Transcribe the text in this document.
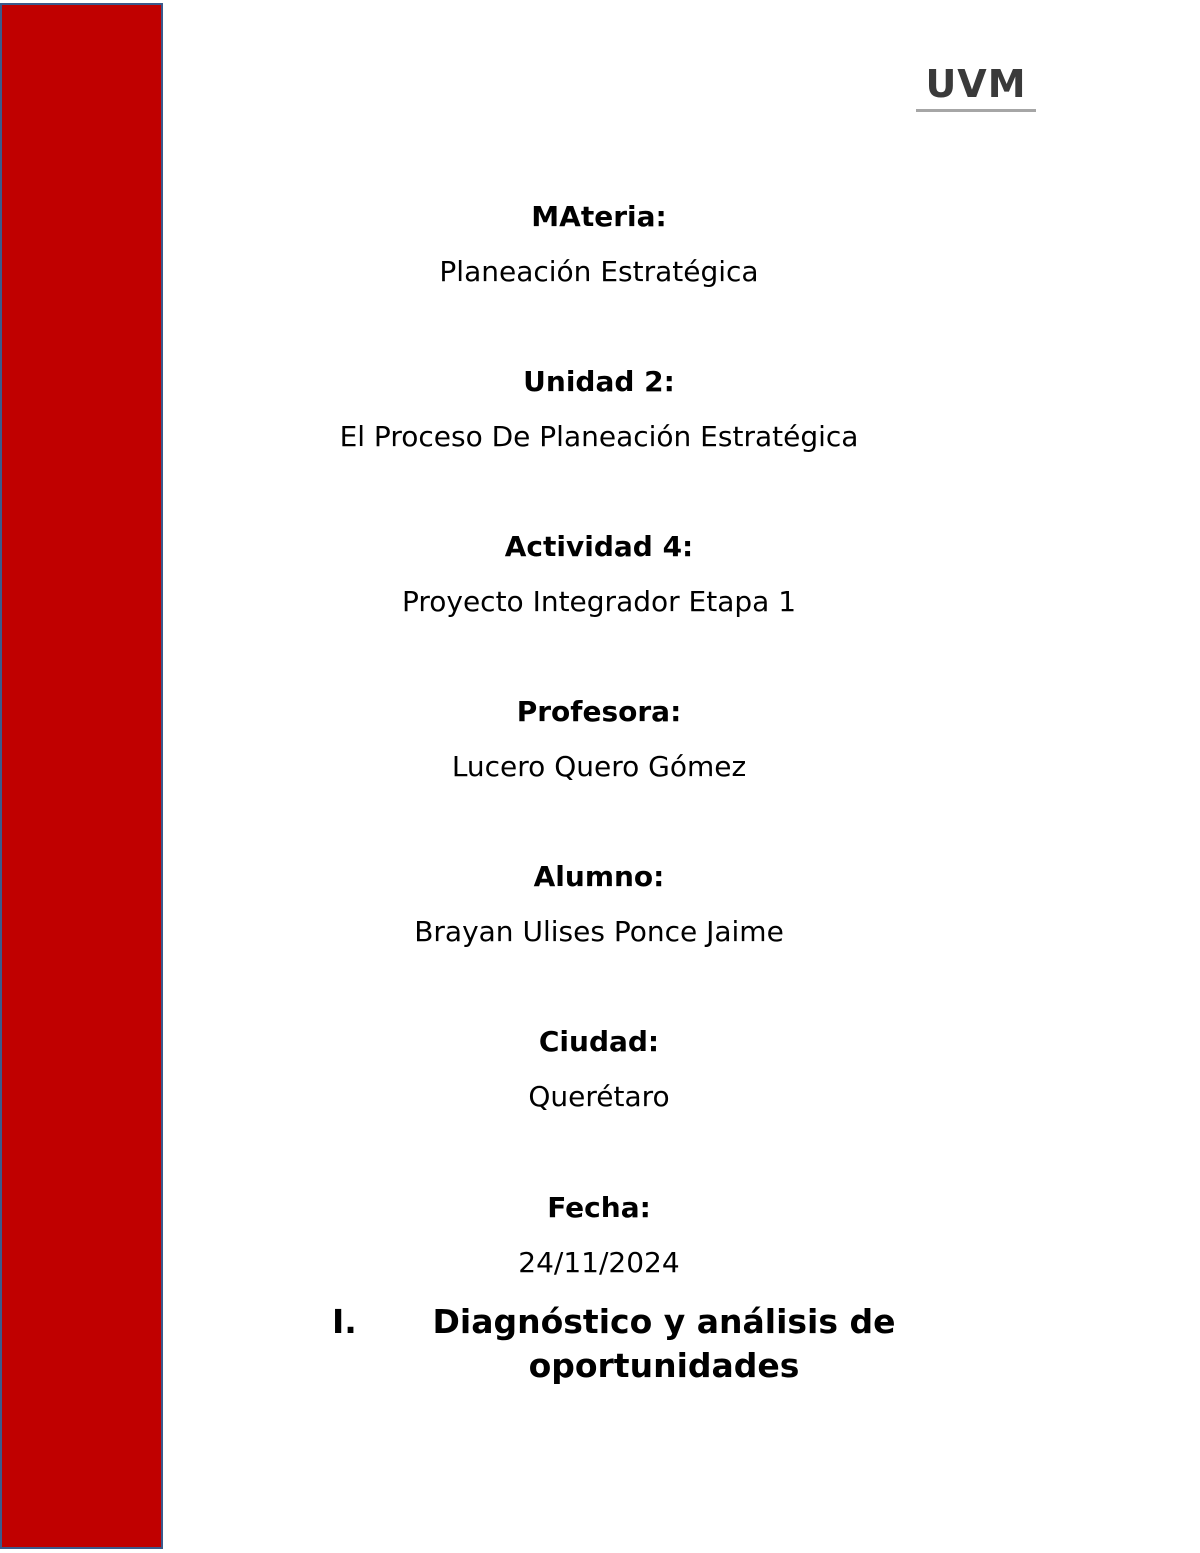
UVM

MAteria:

Planeación Estratégica

Unidad 2:

El Proceso De Planeación Estratégica

Actividad 4:

Proyecto Integrador Etapa 1

Profesora:

Lucero Quero Gómez

Alumno:

Brayan Ulises Ponce Jaime

Ciudad:

Querétaro

Fecha:

24/11/2024

I.	Diagnóstico y análisis de oportunidades
